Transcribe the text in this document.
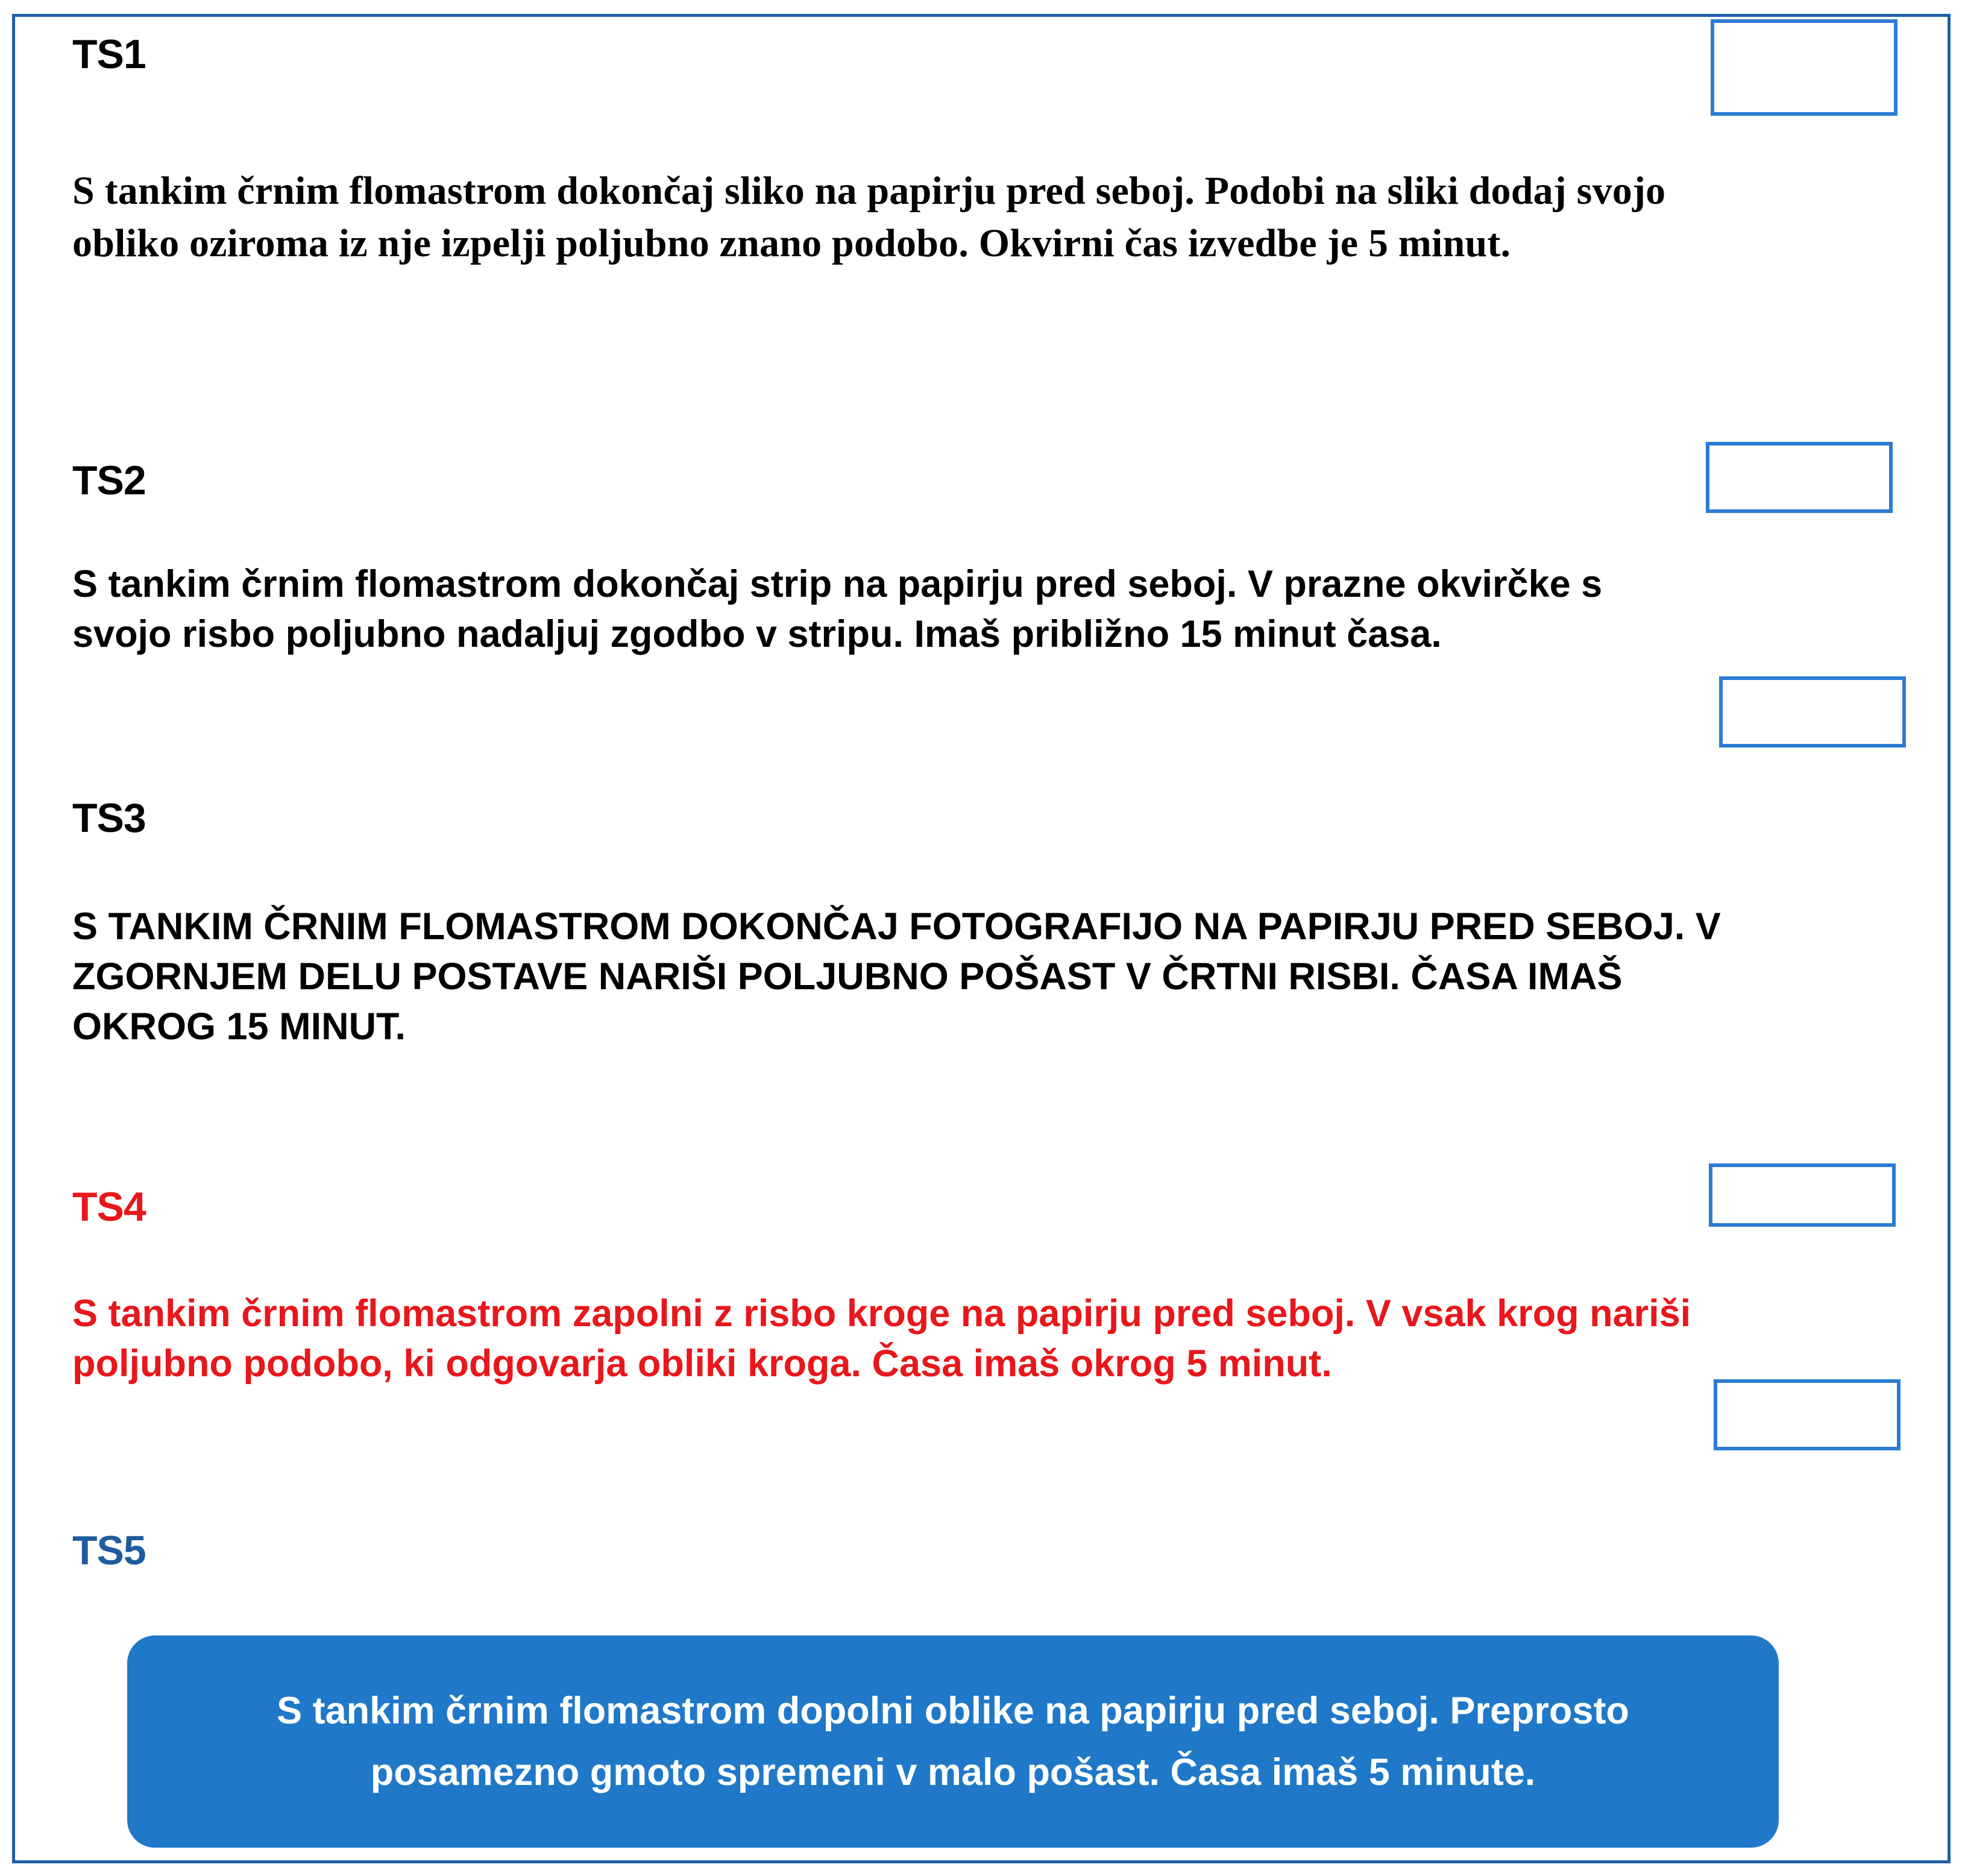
TS1
S tankim črnim flomastrom dokončaj sliko na papirju pred seboj. Podobi na sliki dodaj svojo obliko oziroma iz nje izpelji poljubno znano podobo. Okvirni čas izvedbe je 5 minut.
TS2
S tankim črnim flomastrom dokončaj strip na papirju pred seboj. V prazne okvirčke s svojo risbo poljubno nadaljuj zgodbo v stripu. Imaš približno 15 minut časa.
TS3
S TANKIM ČRNIM FLOMASTROM DOKONČAJ FOTOGRAFIJO NA PAPIRJU PRED SEBOJ. V ZGORNJEM DELU POSTAVE NARIŠI POLJUBNO POŠAST V ČRTNI RISBI. ČASA IMAŠ OKROG 15 MINUT.
TS4
S tankim črnim flomastrom zapolni z risbo kroge na papirju pred seboj. V vsak krog nariši poljubno podobo, ki odgovarja obliki kroga. Časa imaš okrog 5 minut.
TS5
S tankim črnim flomastrom dopolni oblike na papirju pred seboj. Preprosto posamezno gmoto spremeni v malo pošast. Časa imaš 5 minute.
